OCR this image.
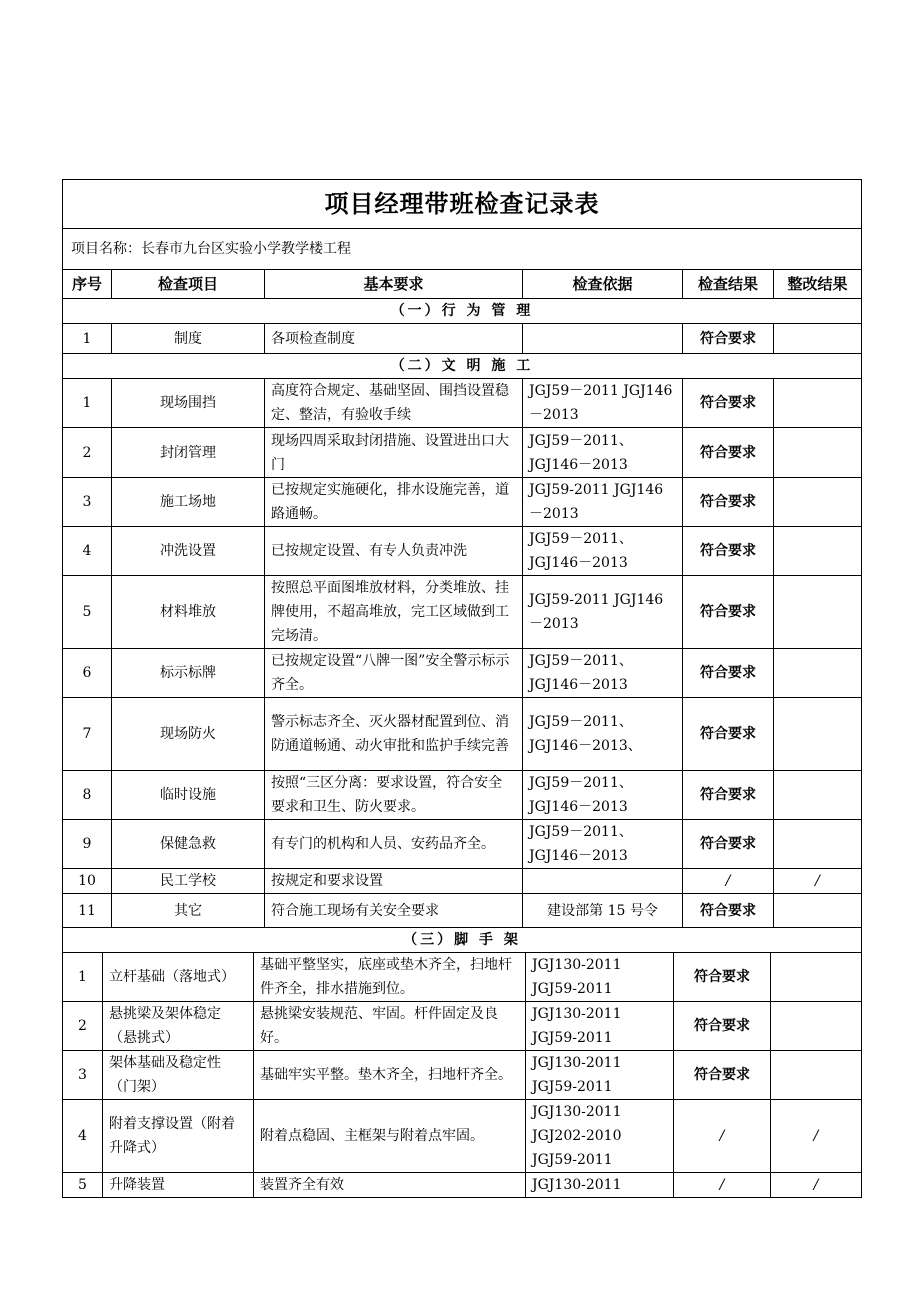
项目经理带班检查记录表					
项目名称：长春市九台区实验小学教学楼工程					
序号	检查项目	基本要求	检查依据	检查结果	整改结果
（一）行 为 管 理					
1	制度	各项检查制度		符合要求	
（二）文 明 施 工					
1	现场围挡	高度符合规定、基础坚固、围挡设置稳定、整洁，有验收手续	JGJ59－2011 JGJ146－2013	符合要求	
2	封闭管理	现场四周采取封闭措施、设置进出口大门	JGJ59－2011、JGJ146－2013	符合要求	
3	施工场地	已按规定实施硬化，排水设施完善，道路通畅。	JGJ59-2011 JGJ146－2013	符合要求	
4	冲洗设置	已按规定设置、有专人负责冲洗	JGJ59－2011、JGJ146－2013	符合要求	
5	材料堆放	按照总平面图堆放材料，分类堆放、挂牌使用，不超高堆放，完工区域做到工完场清。	JGJ59-2011 JGJ146－2013	符合要求	
6	标示标牌	已按规定设置“八牌一图”安全警示标示齐全。	JGJ59－2011、JGJ146－2013	符合要求	
7	现场防火	警示标志齐全、灭火器材配置到位、消防通道畅通、动火审批和监护手续完善	JGJ59－2011、JGJ146－2013、	符合要求	
8	临时设施	按照“三区分离：要求设置，符合安全要求和卫生、防火要求。	JGJ59－2011、JGJ146－2013	符合要求	
9	保健急救	有专门的机构和人员、安药品齐全。	JGJ59－2011、JGJ146－2013	符合要求	
10	民工学校	按规定和要求设置		/	/
11	其它	符合施工现场有关安全要求	建设部第 15 号令	符合要求	
（三）脚 手 架					
1	立杆基础（落地式）	基础平整坚实，底座或垫木齐全，扫地杆件齐全，排水措施到位。	JGJ130-2011 JGJ59-2011	符合要求	
2	悬挑梁及架体稳定（悬挑式）	悬挑梁安装规范、牢固。杆件固定及良好。	JGJ130-2011 JGJ59-2011	符合要求	
3	架体基础及稳定性（门架）	基础牢实平整。垫木齐全，扫地杆齐全。	JGJ130-2011 JGJ59-2011	符合要求	
4	附着支撑设置（附着升降式）	附着点稳固、主框架与附着点牢固。	JGJ130-2011 JGJ202-2010 JGJ59-2011	/	/
5	升降装置	装置齐全有效	JGJ130-2011	/	/
